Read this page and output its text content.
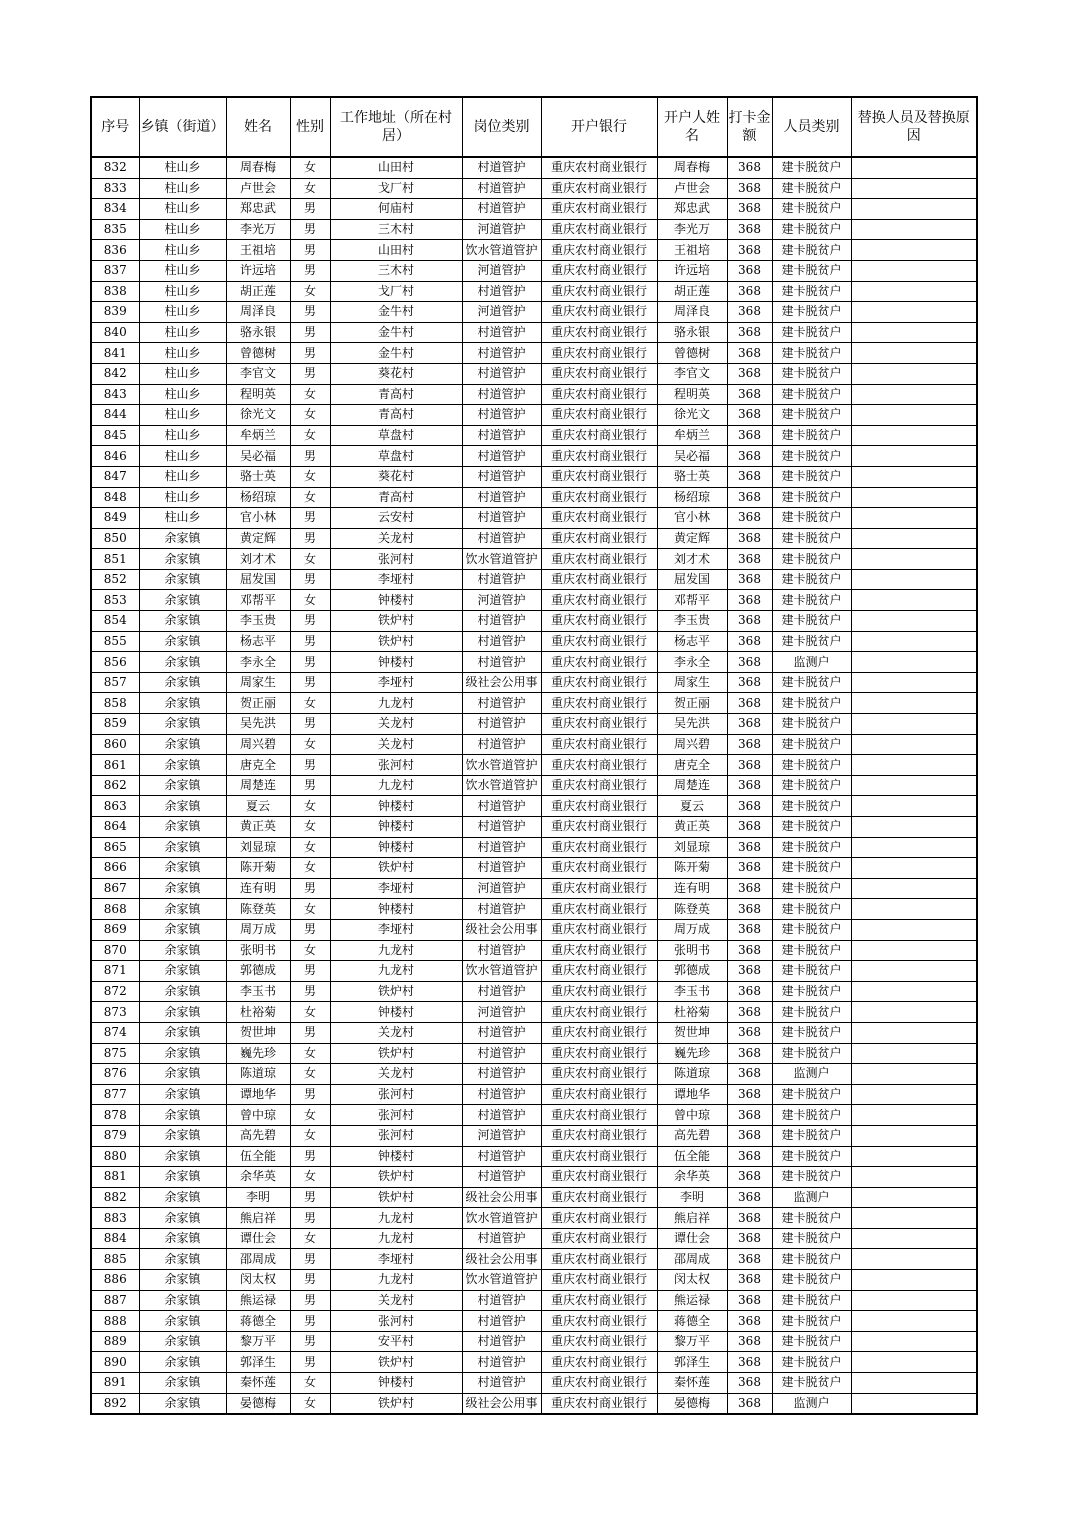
序号	乡镇（街道）	姓名	性别	工作地址（所在村居）	岗位类别	开户银行	开户人姓名	打卡金额	人员类别	替换人员及替换原因
832	柱山乡	周春梅	女	山田村	村道管护	重庆农村商业银行	周春梅	368	建卡脱贫户	
833	柱山乡	卢世会	女	戈厂村	村道管护	重庆农村商业银行	卢世会	368	建卡脱贫户	
834	柱山乡	郑忠武	男	何庙村	村道管护	重庆农村商业银行	郑忠武	368	建卡脱贫户	
835	柱山乡	李光万	男	三木村	河道管护	重庆农村商业银行	李光万	368	建卡脱贫户	
836	柱山乡	王祖培	男	山田村	饮水管道管护	重庆农村商业银行	王祖培	368	建卡脱贫户	
837	柱山乡	许远培	男	三木村	河道管护	重庆农村商业银行	许远培	368	建卡脱贫户	
838	柱山乡	胡正莲	女	戈厂村	村道管护	重庆农村商业银行	胡正莲	368	建卡脱贫户	
839	柱山乡	周泽良	男	金牛村	河道管护	重庆农村商业银行	周泽良	368	建卡脱贫户	
840	柱山乡	骆永银	男	金牛村	村道管护	重庆农村商业银行	骆永银	368	建卡脱贫户	
841	柱山乡	曾德树	男	金牛村	村道管护	重庆农村商业银行	曾德树	368	建卡脱贫户	
842	柱山乡	李官文	男	葵花村	村道管护	重庆农村商业银行	李官文	368	建卡脱贫户	
843	柱山乡	程明英	女	青高村	村道管护	重庆农村商业银行	程明英	368	建卡脱贫户	
844	柱山乡	徐光文	女	青高村	村道管护	重庆农村商业银行	徐光文	368	建卡脱贫户	
845	柱山乡	牟炳兰	女	草盘村	村道管护	重庆农村商业银行	牟炳兰	368	建卡脱贫户	
846	柱山乡	吴必福	男	草盘村	村道管护	重庆农村商业银行	吴必福	368	建卡脱贫户	
847	柱山乡	骆士英	女	葵花村	村道管护	重庆农村商业银行	骆士英	368	建卡脱贫户	
848	柱山乡	杨绍琼	女	青高村	村道管护	重庆农村商业银行	杨绍琼	368	建卡脱贫户	
849	柱山乡	官小林	男	云安村	村道管护	重庆农村商业银行	官小林	368	建卡脱贫户	
850	余家镇	黄定辉	男	关龙村	村道管护	重庆农村商业银行	黄定辉	368	建卡脱贫户	
851	余家镇	刘才术	女	张河村	饮水管道管护	重庆农村商业银行	刘才术	368	建卡脱贫户	
852	余家镇	屈发国	男	李垭村	村道管护	重庆农村商业银行	屈发国	368	建卡脱贫户	
853	余家镇	邓帮平	女	钟楼村	河道管护	重庆农村商业银行	邓帮平	368	建卡脱贫户	
854	余家镇	李玉贵	男	铁炉村	村道管护	重庆农村商业银行	李玉贵	368	建卡脱贫户	
855	余家镇	杨志平	男	铁炉村	村道管护	重庆农村商业银行	杨志平	368	建卡脱贫户	
856	余家镇	李永全	男	钟楼村	村道管护	重庆农村商业银行	李永全	368	监测户	
857	余家镇	周家生	男	李垭村	级社会公用事	重庆农村商业银行	周家生	368	建卡脱贫户	
858	余家镇	贺正丽	女	九龙村	村道管护	重庆农村商业银行	贺正丽	368	建卡脱贫户	
859	余家镇	吴先洪	男	关龙村	村道管护	重庆农村商业银行	吴先洪	368	建卡脱贫户	
860	余家镇	周兴碧	女	关龙村	村道管护	重庆农村商业银行	周兴碧	368	建卡脱贫户	
861	余家镇	唐克全	男	张河村	饮水管道管护	重庆农村商业银行	唐克全	368	建卡脱贫户	
862	余家镇	周楚连	男	九龙村	饮水管道管护	重庆农村商业银行	周楚连	368	建卡脱贫户	
863	余家镇	夏云	女	钟楼村	村道管护	重庆农村商业银行	夏云	368	建卡脱贫户	
864	余家镇	黄正英	女	钟楼村	村道管护	重庆农村商业银行	黄正英	368	建卡脱贫户	
865	余家镇	刘显琼	女	钟楼村	村道管护	重庆农村商业银行	刘显琼	368	建卡脱贫户	
866	余家镇	陈开菊	女	铁炉村	村道管护	重庆农村商业银行	陈开菊	368	建卡脱贫户	
867	余家镇	连有明	男	李垭村	河道管护	重庆农村商业银行	连有明	368	建卡脱贫户	
868	余家镇	陈登英	女	钟楼村	村道管护	重庆农村商业银行	陈登英	368	建卡脱贫户	
869	余家镇	周万成	男	李垭村	级社会公用事	重庆农村商业银行	周万成	368	建卡脱贫户	
870	余家镇	张明书	女	九龙村	村道管护	重庆农村商业银行	张明书	368	建卡脱贫户	
871	余家镇	郭德成	男	九龙村	饮水管道管护	重庆农村商业银行	郭德成	368	建卡脱贫户	
872	余家镇	李玉书	男	铁炉村	村道管护	重庆农村商业银行	李玉书	368	建卡脱贫户	
873	余家镇	杜裕菊	女	钟楼村	河道管护	重庆农村商业银行	杜裕菊	368	建卡脱贫户	
874	余家镇	贺世坤	男	关龙村	村道管护	重庆农村商业银行	贺世坤	368	建卡脱贫户	
875	余家镇	巍先珍	女	铁炉村	村道管护	重庆农村商业银行	巍先珍	368	建卡脱贫户	
876	余家镇	陈道琼	女	关龙村	村道管护	重庆农村商业银行	陈道琼	368	监测户	
877	余家镇	谭地华	男	张河村	村道管护	重庆农村商业银行	谭地华	368	建卡脱贫户	
878	余家镇	曾中琼	女	张河村	村道管护	重庆农村商业银行	曾中琼	368	建卡脱贫户	
879	余家镇	高先碧	女	张河村	河道管护	重庆农村商业银行	高先碧	368	建卡脱贫户	
880	余家镇	伍全能	男	钟楼村	村道管护	重庆农村商业银行	伍全能	368	建卡脱贫户	
881	余家镇	余华英	女	铁炉村	村道管护	重庆农村商业银行	余华英	368	建卡脱贫户	
882	余家镇	李明	男	铁炉村	级社会公用事	重庆农村商业银行	李明	368	监测户	
883	余家镇	熊启祥	男	九龙村	饮水管道管护	重庆农村商业银行	熊启祥	368	建卡脱贫户	
884	余家镇	谭仕会	女	九龙村	村道管护	重庆农村商业银行	谭仕会	368	建卡脱贫户	
885	余家镇	邵周成	男	李垭村	级社会公用事	重庆农村商业银行	邵周成	368	建卡脱贫户	
886	余家镇	闵太权	男	九龙村	饮水管道管护	重庆农村商业银行	闵太权	368	建卡脱贫户	
887	余家镇	熊运禄	男	关龙村	村道管护	重庆农村商业银行	熊运禄	368	建卡脱贫户	
888	余家镇	蒋德全	男	张河村	村道管护	重庆农村商业银行	蒋德全	368	建卡脱贫户	
889	余家镇	黎万平	男	安平村	村道管护	重庆农村商业银行	黎万平	368	建卡脱贫户	
890	余家镇	郭泽生	男	铁炉村	村道管护	重庆农村商业银行	郭泽生	368	建卡脱贫户	
891	余家镇	秦怀莲	女	钟楼村	村道管护	重庆农村商业银行	秦怀莲	368	建卡脱贫户	
892	余家镇	晏德梅	女	铁炉村	级社会公用事	重庆农村商业银行	晏德梅	368	监测户	
